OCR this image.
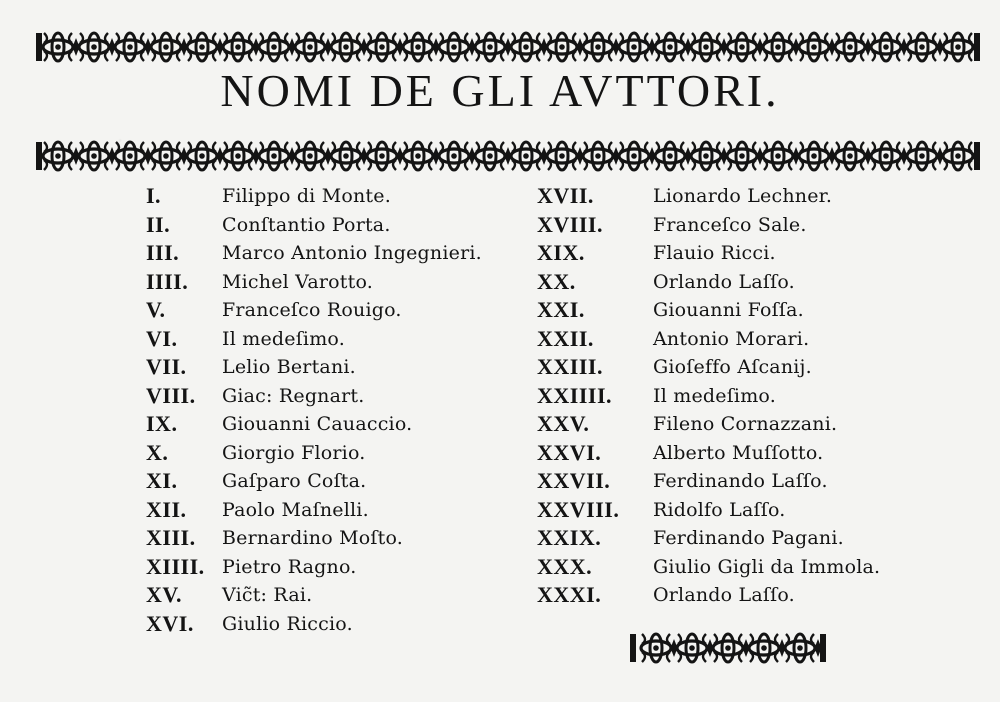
NOMI DE GLI AVTTORI.
I.	Filippo di Monte.
II.	Conſtantio Porta.
III.	Marco Antonio Ingegnieri.
IIII.	Michel Varotto.
V.	Franceſco Rouigo.
VI.	Il medeſimo.
VII.	Lelio Bertani.
VIII.	Giac: Regnart.
IX.	Giouanni Cauaccio.
X.	Giorgio Florio.
XI.	Gaſparo Coſta.
XII.	Paolo Maſnelli.
XIII.	Bernardino Moſto.
XIIII. Pietro Ragno.
XV.	Vic̃t: Rai.
XVI.	Giulio Riccio.
XVII.	Lionardo Lechner.
XVIII.	Franceſco Sale.
XIX.	Flauio Ricci.
XX.	Orlando Laſſo.
XXI.	Giouanni Foſſa.
XXII.	Antonio Morari.
XXIII.	Gioſeffo Aſcanij.
XXIIII.	Il medeſimo.
XXV.	Fileno Cornazzani.
XXVI.	Alberto Muſſotto.
XXVII.	Ferdinando Laſſo.
XXVIII.	Ridolfo Laſſo.
XXIX.	Ferdinando Pagani.
XXX.	Giulio Gigli da Immola.
XXXI.	Orlando Laſſo.
